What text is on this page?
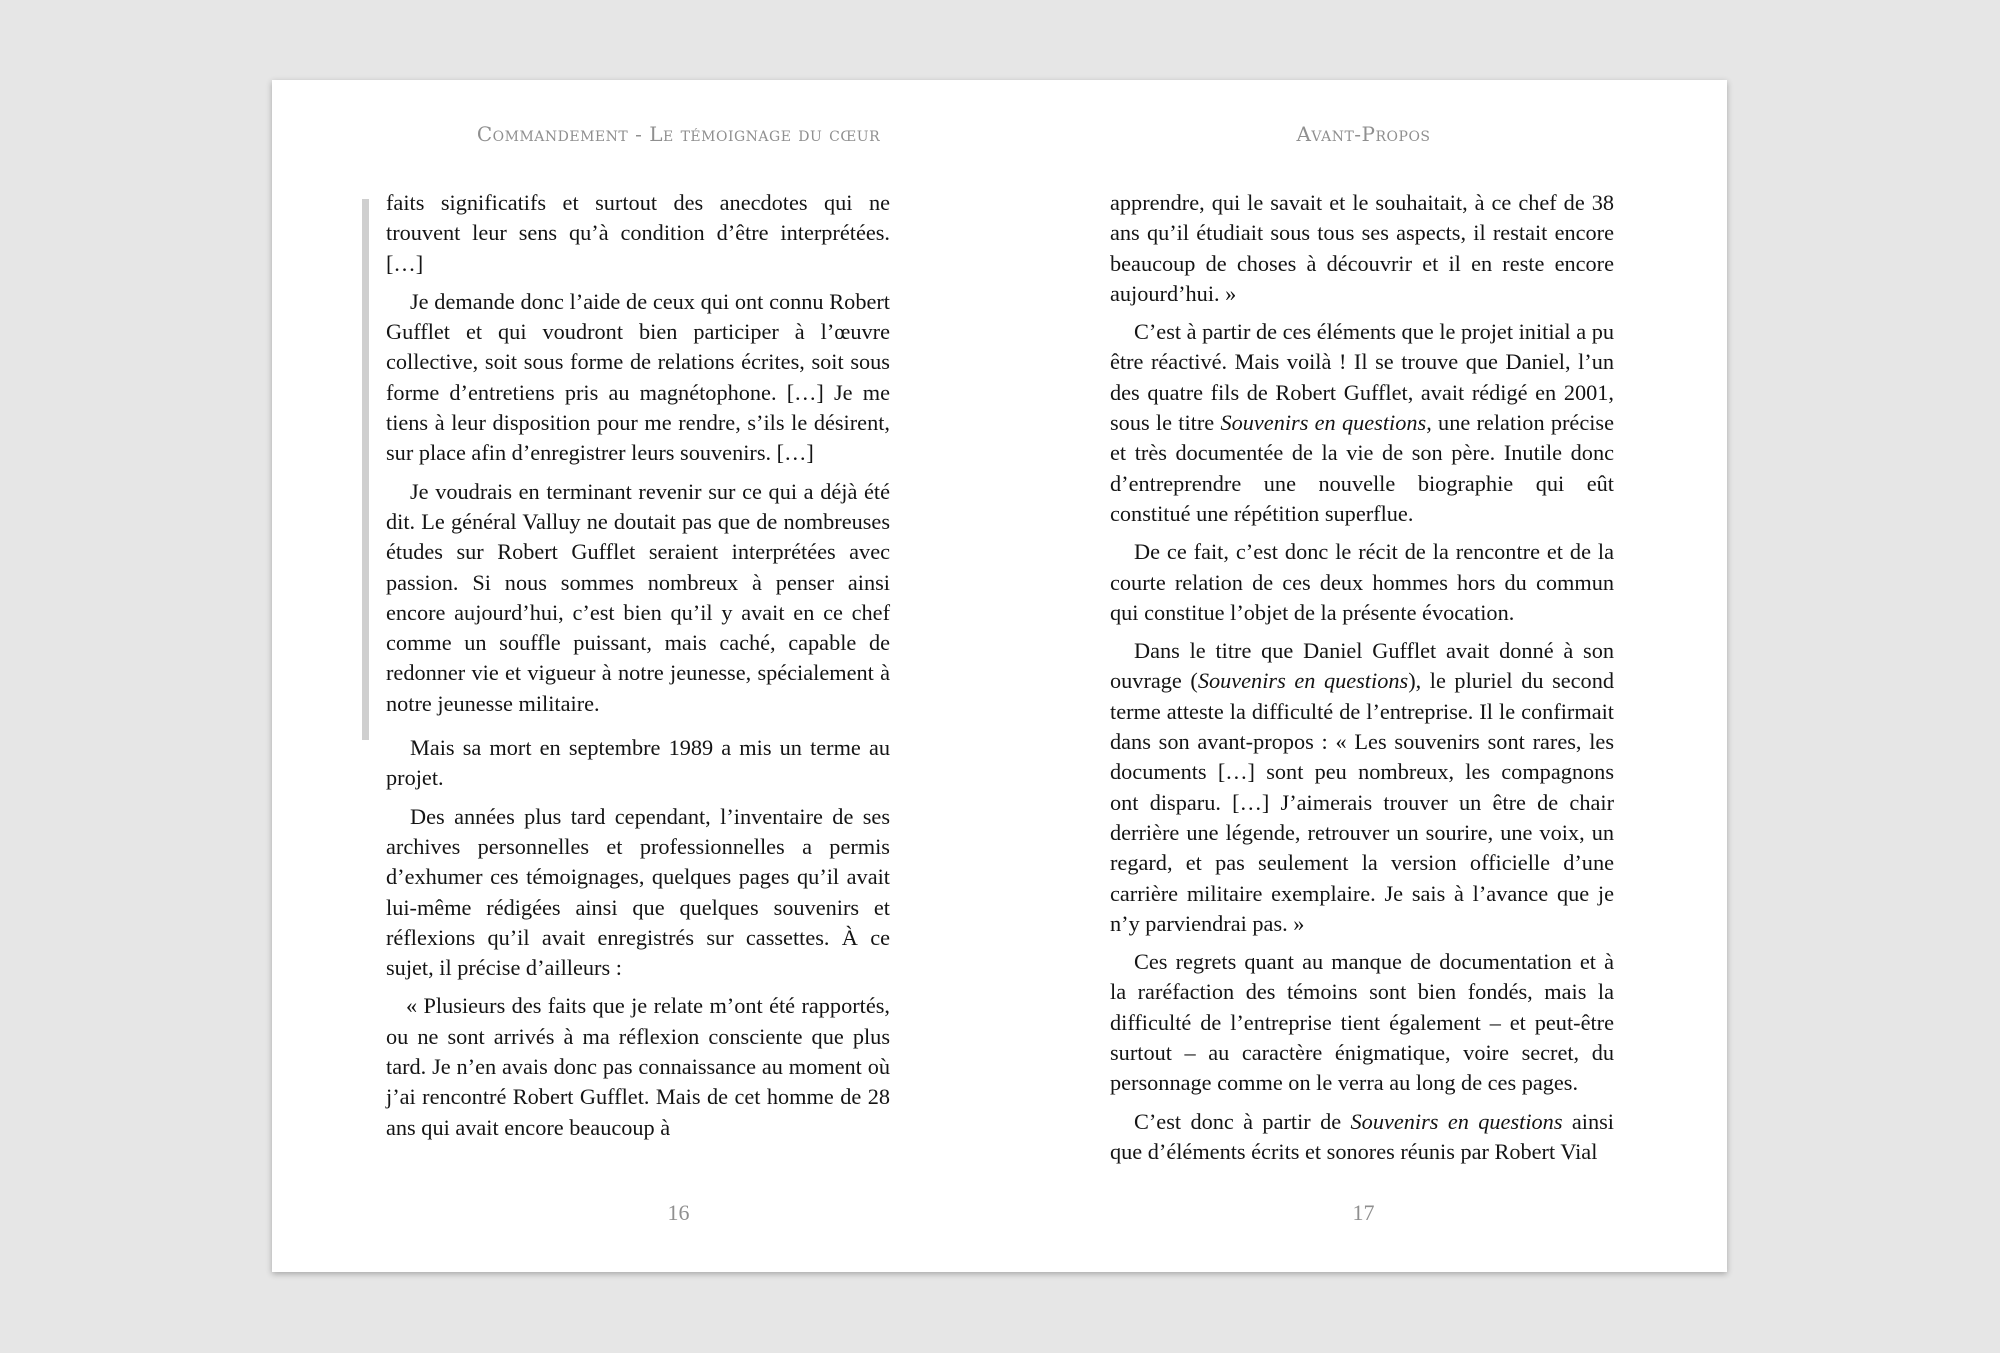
Commandement - Le témoignage du cœur

faits significatifs et surtout des anecdotes qui ne trouvent leur sens qu’à condition d’être interprétées. […]

Je demande donc l’aide de ceux qui ont connu Robert Gufflet et qui voudront bien participer à l’œuvre collective, soit sous forme de relations écrites, soit sous forme d’entretiens pris au magnétophone. […] Je me tiens à leur disposition pour me rendre, s’ils le désirent, sur place afin d’enregistrer leurs souvenirs. […]

Je voudrais en terminant revenir sur ce qui a déjà été dit. Le général Valluy ne doutait pas que de nombreuses études sur Robert Gufflet seraient interprétées avec passion. Si nous sommes nombreux à penser ainsi encore aujourd’hui, c’est bien qu’il y avait en ce chef comme un souffle puissant, mais caché, capable de redonner vie et vigueur à notre jeunesse, spécialement à notre jeunesse militaire.

Mais sa mort en septembre 1989 a mis un terme au projet.

Des années plus tard cependant, l’inventaire de ses archives personnelles et professionnelles a permis d’exhumer ces témoignages, quelques pages qu’il avait lui-même rédigées ainsi que quelques souvenirs et réflexions qu’il avait enregistrés sur cassettes. À ce sujet, il précise d’ailleurs :

« Plusieurs des faits que je relate m’ont été rapportés, ou ne sont arrivés à ma réflexion consciente que plus tard. Je n’en avais donc pas connaissance au moment où j’ai rencontré Robert Gufflet. Mais de cet homme de 28 ans qui avait encore beaucoup à

16
Avant-Propos

apprendre, qui le savait et le souhaitait, à ce chef de 38 ans qu’il étudiait sous tous ses aspects, il restait encore beaucoup de choses à découvrir et il en reste encore aujourd’hui. »

C’est à partir de ces éléments que le projet initial a pu être réactivé. Mais voilà ! Il se trouve que Daniel, l’un des quatre fils de Robert Gufflet, avait rédigé en 2001, sous le titre Souvenirs en questions, une relation précise et très documentée de la vie de son père. Inutile donc d’entreprendre une nouvelle biographie qui eût constitué une répétition superflue.

De ce fait, c’est donc le récit de la rencontre et de la courte relation de ces deux hommes hors du commun qui constitue l’objet de la présente évocation.

Dans le titre que Daniel Gufflet avait donné à son ouvrage (Souvenirs en questions), le pluriel du second terme atteste la difficulté de l’entreprise. Il le confirmait dans son avant-propos : « Les souvenirs sont rares, les documents […] sont peu nombreux, les compagnons ont disparu. […] J’aimerais trouver un être de chair derrière une légende, retrouver un sourire, une voix, un regard, et pas seulement la version officielle d’une carrière militaire exemplaire. Je sais à l’avance que je n’y parviendrai pas. »

Ces regrets quant au manque de documentation et à la raréfaction des témoins sont bien fondés, mais la difficulté de l’entreprise tient également – et peut-être surtout – au caractère énigmatique, voire secret, du personnage comme on le verra au long de ces pages.

C’est donc à partir de Souvenirs en questions ainsi que d’éléments écrits et sonores réunis par Robert Vial

17
